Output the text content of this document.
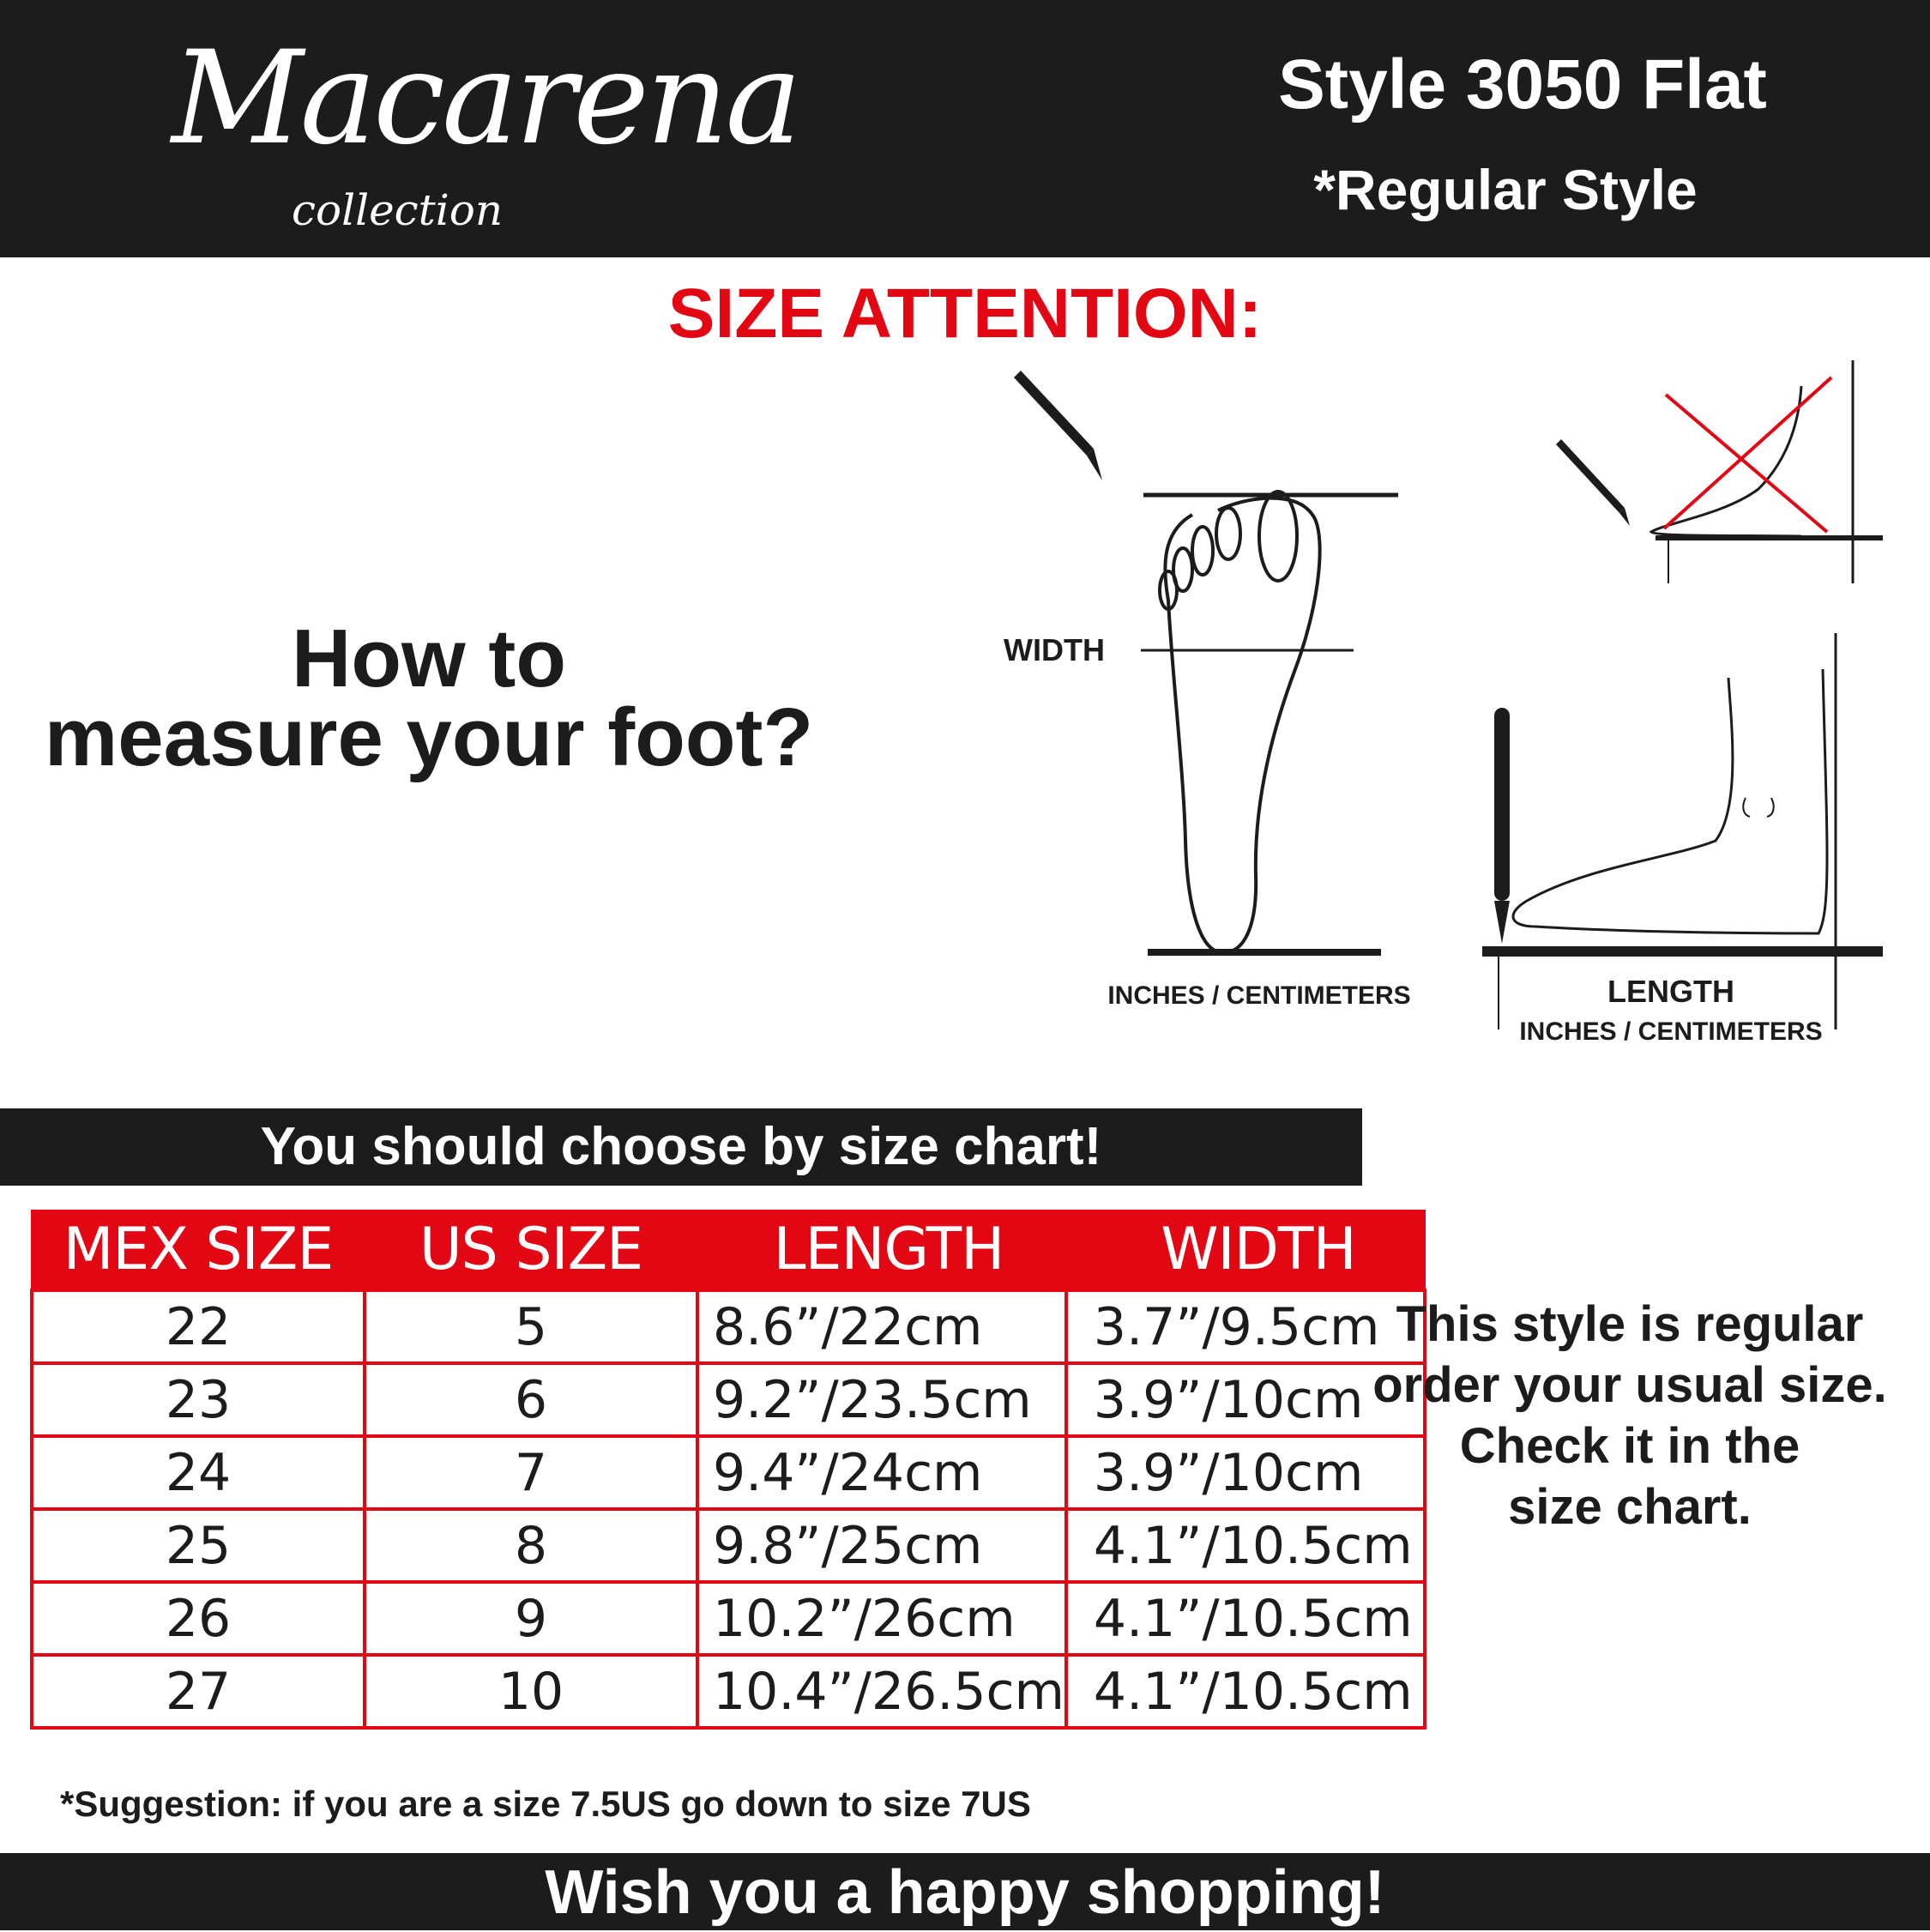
Macarena
collection
Style 3050 Flat
*Regular Style
SIZE ATTENTION:
How to
measure your foot?
WIDTH
INCHES / CENTIMETERS	LENGTH
INCHES / CENTIMETERS
You should choose by size chart!
MEX SIZE	US SIZE	LENGTH	WIDTH
22	5	8.6”/22cm	3.7”/9.5cm
23	6	9.2”/23.5cm	3.9”/10cm
24	7	9.4”/24cm	3.9”/10cm
25	8	9.8”/25cm	4.1”/10.5cm
26	9	10.2”/26cm	4.1”/10.5cm
27	10	10.4”/26.5cm	4.1”/10.5cm
This style is regular
order your usual size.
Check it in the
size chart.
*Suggestion: if you are a size 7.5US go down to size 7US
Wish you a happy shopping!
